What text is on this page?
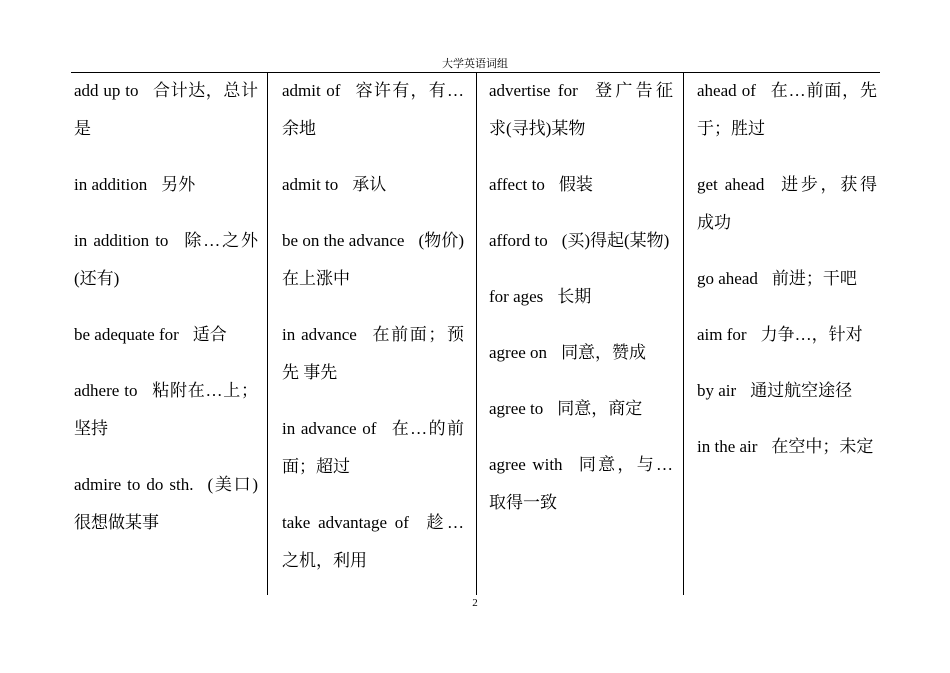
大学英语词组
add up to 合计达，总计是
in addition 另外
in addition to 除…之外(还有)
be adequate for 适合
adhere to 粘附在…上；坚持
admire to do sth. (美口)很想做某事
admit of 容许有，有…余地
admit to 承认
be on the advance (物价)在上涨中
in advance 在前面；预先 事先
in advance of 在…的前面；超过
take advantage of 趁…之机，利用
advertise for 登广告征求(寻找)某物
affect to 假装
afford to (买)得起(某物)
for ages 长期
agree on 同意，赞成
agree to 同意，商定
agree with 同意，与…取得一致
ahead of 在…前面，先于；胜过
get ahead 进步，获得成功
go ahead 前进；干吧
aim for 力争…，针对
by air 通过航空途径
in the air 在空中；未定
2
